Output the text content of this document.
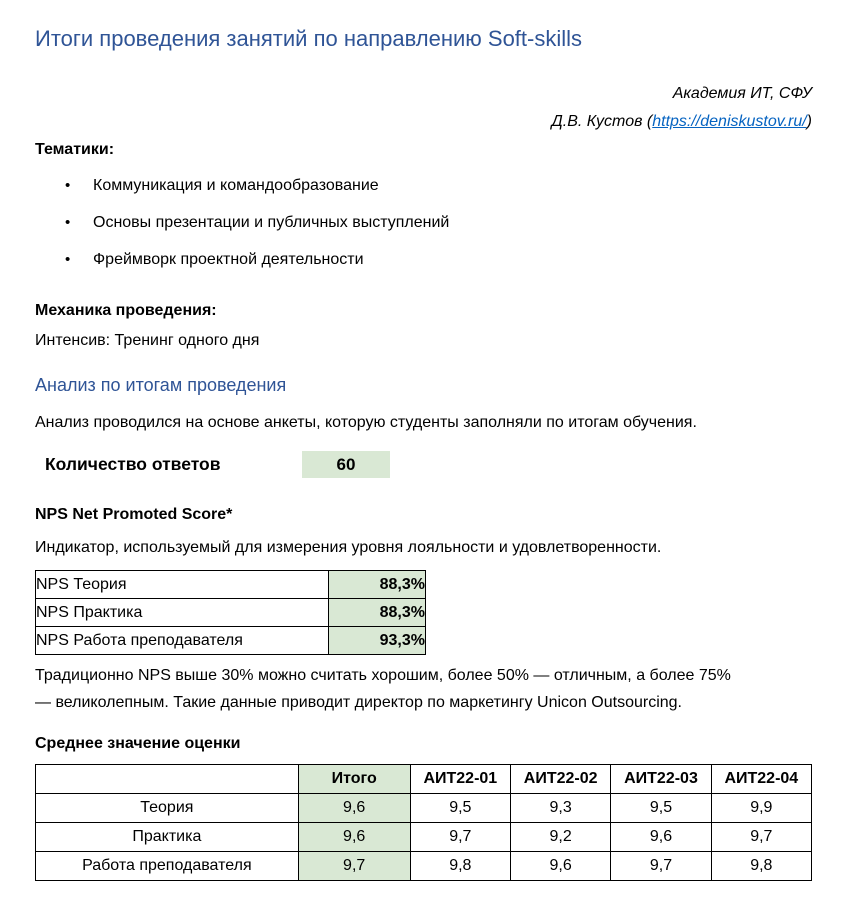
Итоги проведения занятий по направлению Soft-skills
Академия ИТ, СФУ
Д.В. Кустов (https://deniskustov.ru/)

Тематики:

•	Коммуникация и командообразование
•	Основы презентации и публичных выступлений
•	Фреймворк проектной деятельности

Механика проведения:

Интенсив: Тренинг одного дня

Анализ по итогам проведения

Анализ проводился на основе анкеты, которую студенты заполняли по итогам обучения.

Количество ответов	60

NPS Net Promoted Score*

Индикатор, используемый для измерения уровня лояльности и удовлетворенности.

NPS Теория	88,3%
NPS Практика	88,3%
NPS Работа преподавателя	93,3%

Традиционно NPS выше 30% можно считать хорошим, более 50% — отличным, а более 75% — великолепным. Такие данные приводит директор по маркетингу Unicon Outsourcing.

Среднее значение оценки

	Итого	АИТ22-01	АИТ22-02	АИТ22-03	АИТ22-04
Теория	9,6	9,5	9,3	9,5	9,9
Практика	9,6	9,7	9,2	9,6	9,7
Работа преподавателя	9,7	9,8	9,6	9,7	9,8
